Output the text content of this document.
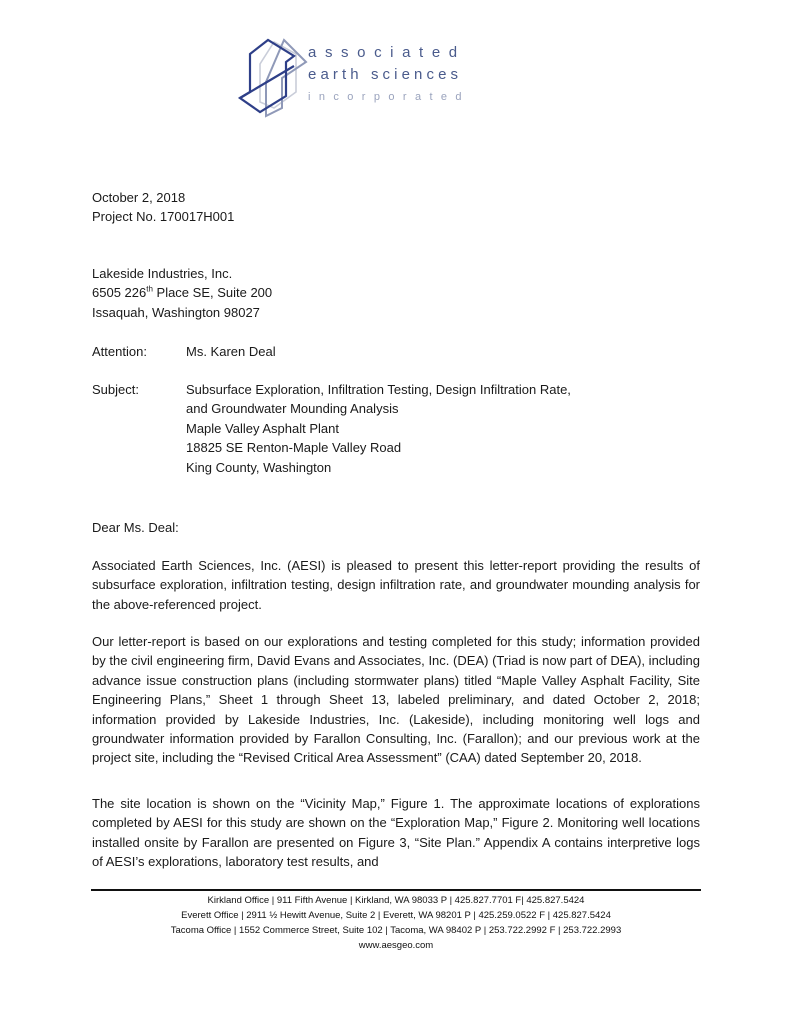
associated
earth sciences
incorporated
October 2, 2018
Project No. 170017H001
Lakeside Industries, Inc.
6505 226th Place SE, Suite 200
Issaquah, Washington 98027
Attention:	Ms. Karen Deal
Subject:	Subsurface Exploration, Infiltration Testing, Design Infiltration Rate,
and Groundwater Mounding Analysis
Maple Valley Asphalt Plant
18825 SE Renton-Maple Valley Road
King County, Washington
Dear Ms. Deal:
Associated Earth Sciences, Inc. (AESI) is pleased to present this letter-report providing the results of subsurface exploration, infiltration testing, design infiltration rate, and groundwater mounding analysis for the above-referenced project.
Our letter-report is based on our explorations and testing completed for this study; information provided by the civil engineering firm, David Evans and Associates, Inc. (DEA) (Triad is now part of DEA), including advance issue construction plans (including stormwater plans) titled “Maple Valley Asphalt Facility, Site Engineering Plans,” Sheet 1 through Sheet 13, labeled preliminary, and dated October 2, 2018; information provided by Lakeside Industries, Inc. (Lakeside), including monitoring well logs and groundwater information provided by Farallon Consulting, Inc. (Farallon); and our previous work at the project site, including the “Revised Critical Area Assessment” (CAA) dated September 20, 2018.
The site location is shown on the “Vicinity Map,” Figure 1. The approximate locations of explorations completed by AESI for this study are shown on the “Exploration Map,” Figure 2. Monitoring well locations installed onsite by Farallon are presented on Figure 3, “Site Plan.” Appendix A contains interpretive logs of AESI’s explorations, laboratory test results, and
Kirkland Office | 911 Fifth Avenue | Kirkland, WA 98033 P | 425.827.7701 F| 425.827.5424
Everett Office | 2911 ½ Hewitt Avenue, Suite 2 | Everett, WA 98201 P | 425.259.0522 F | 425.827.5424
Tacoma Office | 1552 Commerce Street, Suite 102 | Tacoma, WA 98402 P | 253.722.2992 F | 253.722.2993
www.aesgeo.com
